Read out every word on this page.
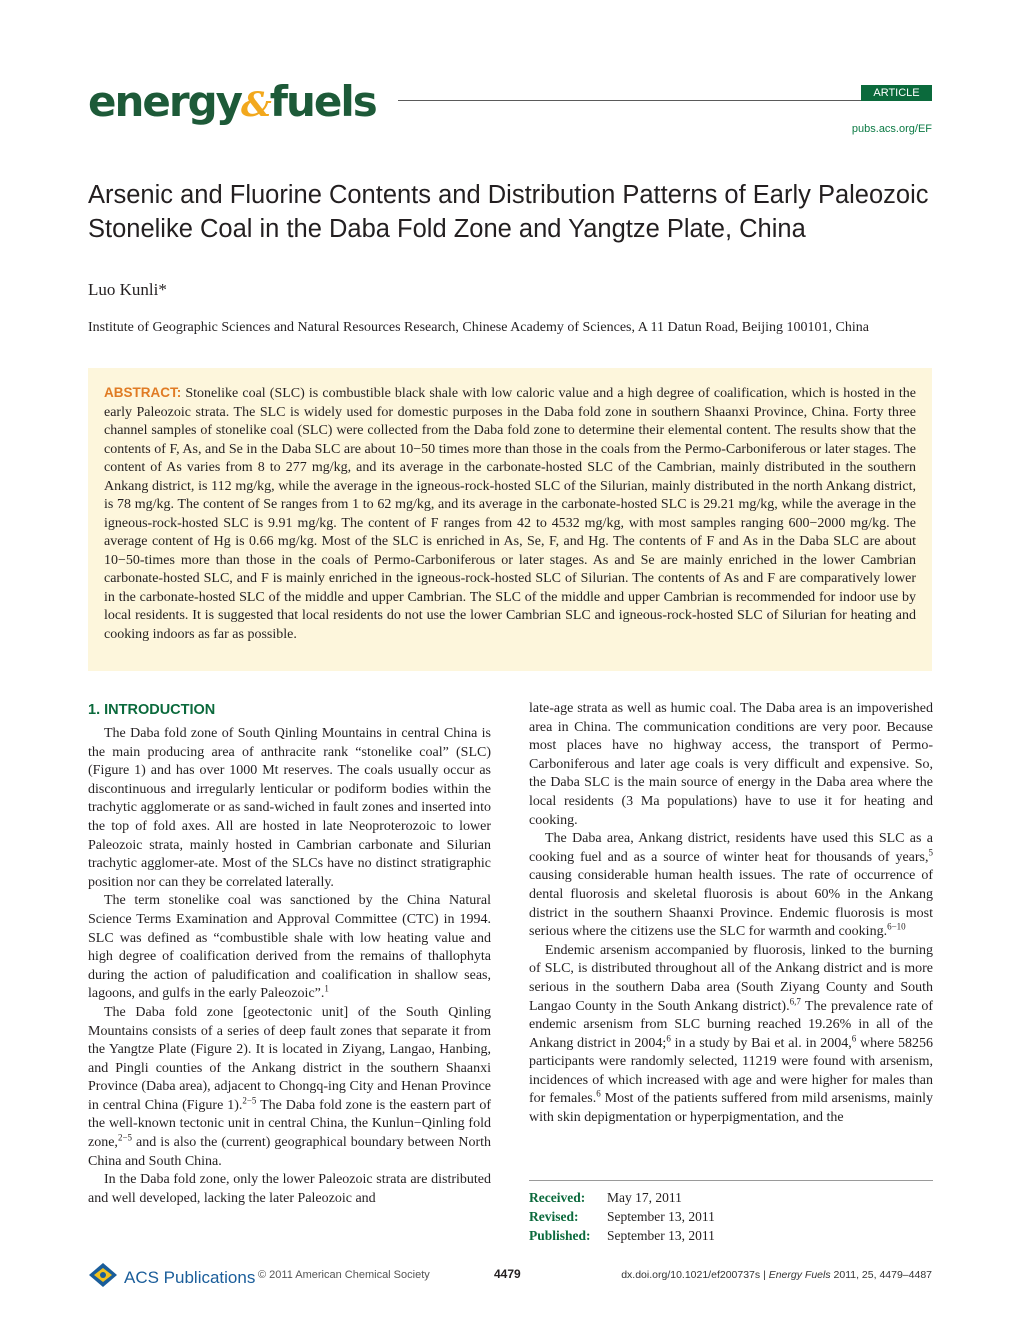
energy&fuels	ARTICLE
pubs.acs.org/EF
Arsenic and Fluorine Contents and Distribution Patterns of Early Paleozoic Stonelike Coal in the Daba Fold Zone and Yangtze Plate, China
Luo Kunli*
Institute of Geographic Sciences and Natural Resources Research, Chinese Academy of Sciences, A 11 Datun Road, Beijing 100101, China
ABSTRACT: Stonelike coal (SLC) is combustible black shale with low caloric value and a high degree of coalification, which is hosted in the early Paleozoic strata. The SLC is widely used for domestic purposes in the Daba fold zone in southern Shaanxi Province, China. Forty three channel samples of stonelike coal (SLC) were collected from the Daba fold zone to determine their elemental content. The results show that the contents of F, As, and Se in the Daba SLC are about 10−50 times more than those in the coals from the Permo-Carboniferous or later stages. The content of As varies from 8 to 277 mg/kg, and its average in the carbonate-hosted SLC of the Cambrian, mainly distributed in the southern Ankang district, is 112 mg/kg, while the average in the igneous-rock-hosted SLC of the Silurian, mainly distributed in the north Ankang district, is 78 mg/kg. The content of Se ranges from 1 to 62 mg/kg, and its average in the carbonate-hosted SLC is 29.21 mg/kg, while the average in the igneous-rock-hosted SLC is 9.91 mg/kg. The content of F ranges from 42 to 4532 mg/kg, with most samples ranging 600−2000 mg/kg. The average content of Hg is 0.66 mg/kg. Most of the SLC is enriched in As, Se, F, and Hg. The contents of F and As in the Daba SLC are about 10−50-times more than those in the coals of Permo-Carboniferous or later stages. As and Se are mainly enriched in the lower Cambrian carbonate-hosted SLC, and F is mainly enriched in the igneous-rock-hosted SLC of Silurian. The contents of As and F are comparatively lower in the carbonate-hosted SLC of the middle and upper Cambrian. The SLC of the middle and upper Cambrian is recommended for indoor use by local residents. It is suggested that local residents do not use the lower Cambrian SLC and igneous-rock-hosted SLC of Silurian for heating and cooking indoors as far as possible.
1. INTRODUCTION

The Daba fold zone of South Qinling Mountains in central China is the main producing area of anthracite rank “stonelike coal” (SLC) (Figure 1) and has over 1000 Mt reserves. The coals usually occur as discontinuous and irregularly lenticular or podiform bodies within the trachytic agglomerate or as sand-wiched in fault zones and inserted into the top of fold axes. All are hosted in late Neoproterozoic to lower Paleozoic strata, mainly hosted in Cambrian carbonate and Silurian trachytic agglomer-ate. Most of the SLCs have no distinct stratigraphic position nor can they be correlated laterally.

The term stonelike coal was sanctioned by the China Natural Science Terms Examination and Approval Committee (CTC) in 1994. SLC was defined as “combustible shale with low heating value and high degree of coalification derived from the remains of thallophyta during the action of paludification and coalification in shallow seas, lagoons, and gulfs in the early Paleozoic”.$^1$

The Daba fold zone [geotectonic unit] of the South Qinling Mountains consists of a series of deep fault zones that separate it from the Yangtze Plate (Figure 2). It is located in Ziyang, Langao, Hanbing, and Pingli counties of the Ankang district in the southern Shaanxi Province (Daba area), adjacent to Chongq-ing City and Henan Province in central China (Figure 1).$^{2-5}$ The Daba fold zone is the eastern part of the well-known tectonic unit in central China, the Kunlun−Qinling fold zone,$^{2-5}$ and is also the (current) geographical boundary between North China and South China.

In the Daba fold zone, only the lower Paleozoic strata are distributed and well developed, lacking the later Paleozoic and

late-age strata as well as humic coal. The Daba area is an impoverished area in China. The communication conditions are very poor. Because most places have no highway access, the transport of Permo-Carboniferous and later age coals is very difficult and expensive. So, the Daba SLC is the main source of energy in the Daba area where the local residents (3 Ma populations) have to use it for heating and cooking.

The Daba area, Ankang district, residents have used this SLC as a cooking fuel and as a source of winter heat for thousands of years,$^5$ causing considerable human health issues. The rate of occurrence of dental fluorosis and skeletal fluorosis is about 60% in the Ankang district in the southern Shaanxi Province. Endemic fluorosis is most serious where the citizens use the SLC for warmth and cooking.$^{6-10}$

Endemic arsenism accompanied by fluorosis, linked to the burning of SLC, is distributed throughout all of the Ankang district and is more serious in the southern Daba area (South Ziyang County and South Langao County in the South Ankang district).$^{6,7}$ The prevalence rate of endemic arsenism from SLC burning reached 19.26% in all of the Ankang district in 2004;$^6$ in a study by Bai et al. in 2004,$^6$ where 58256 participants were randomly selected, 11219 were found with arsenism, incidences of which increased with age and were higher for males than for females.$^6$ Most of the patients suffered from mild arsenisms, mainly with skin depigmentation or hyperpigmentation, and the

Received:	May 17, 2011
Revised:	September 13, 2011
Published:	September 13, 2011
ACS Publications © 2011 American Chemical Society	4479	dx.doi.org/10.1021/ef200737s | Energy Fuels 2011, 25, 4479–4487
